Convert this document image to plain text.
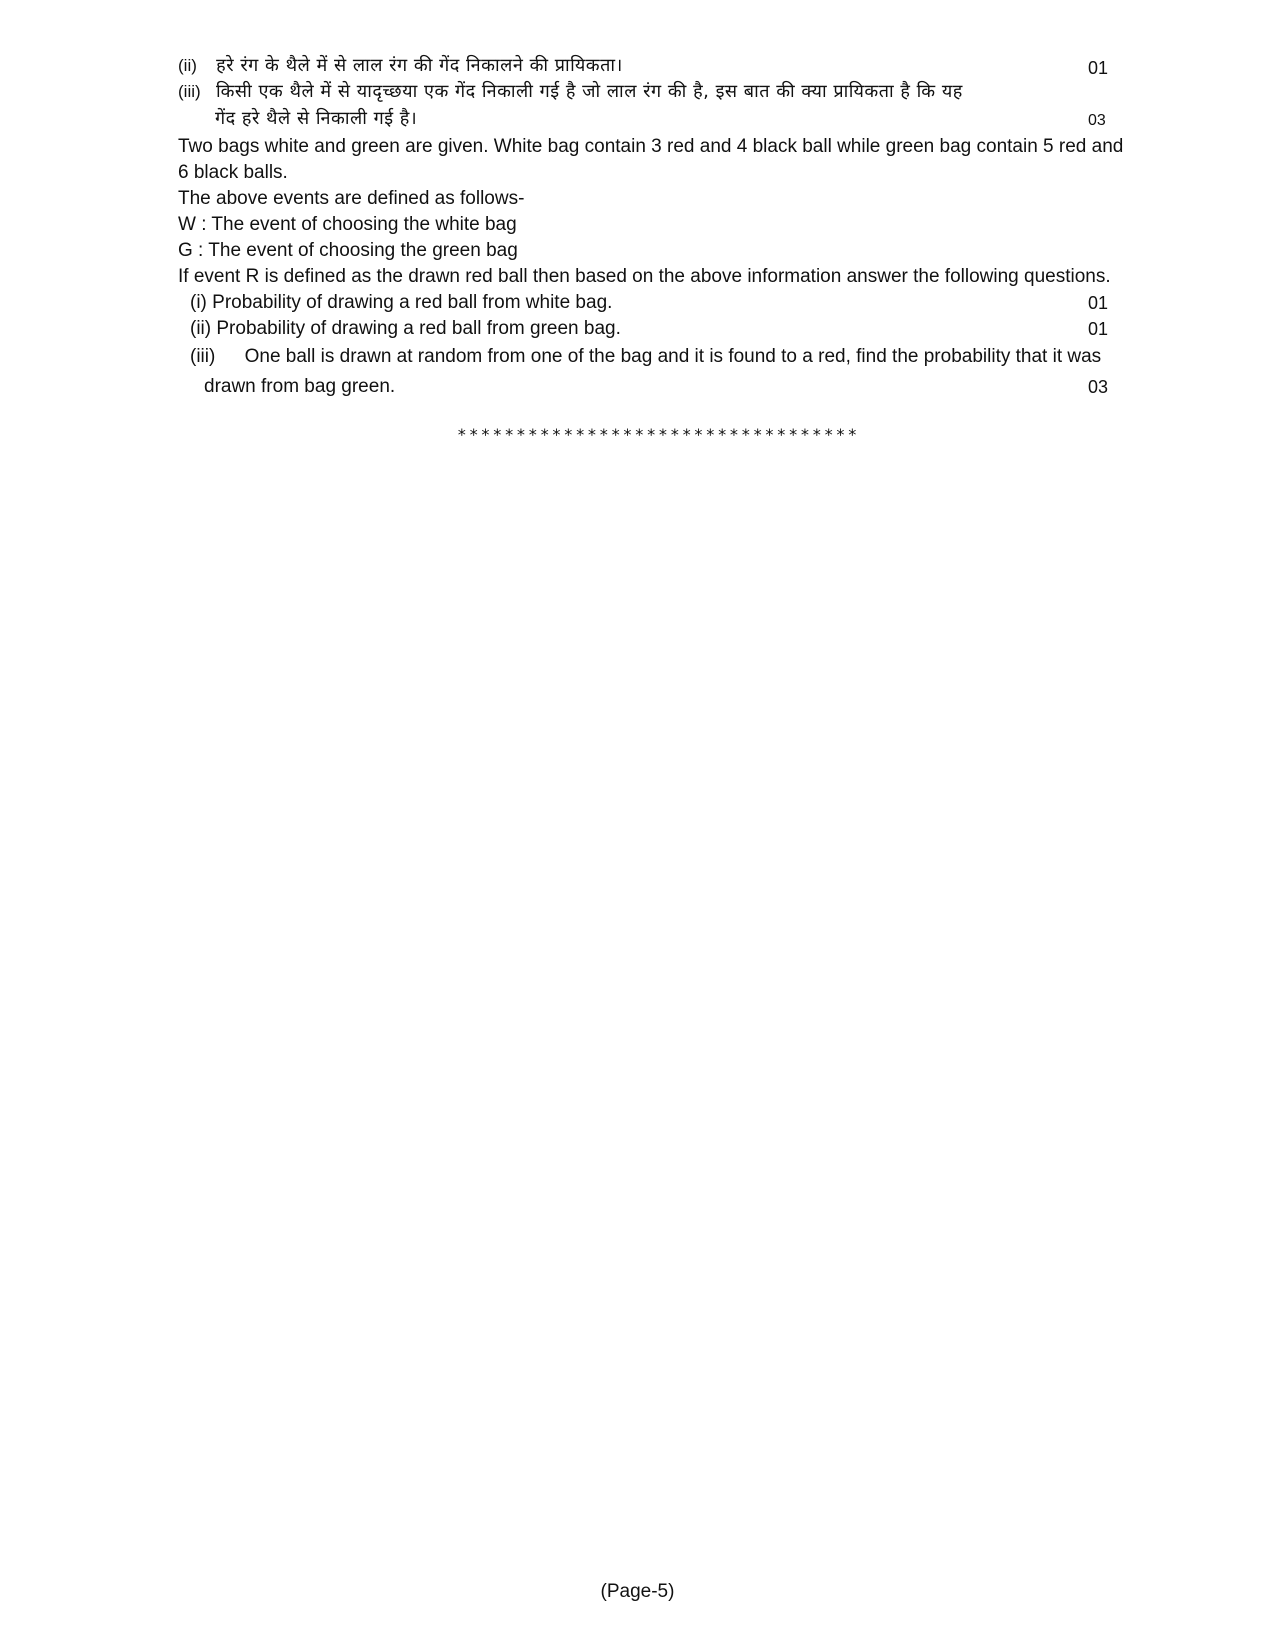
(ii) हरे रंग के थैले में से लाल रंग की गेंद निकालने की प्रायिकता।	01
(iii) किसी एक थैले में से यादृच्छया एक गेंद निकाली गई है जो लाल रंग की है, इस बात की क्या प्रायिकता है कि यह
गेंद हरे थैले से निकाली गई है।	03
Two bags white and green are given. White bag contain 3 red and 4 black ball while green bag contain 5 red and
6 black balls.
The above events are defined as follows-
W : The event of choosing the white bag
G : The event of choosing the green bag
If event R is defined as the drawn red ball then based on the above information answer the following questions.
(i) Probability of drawing a red ball from white bag.	01
(ii) Probability of drawing a red ball from green bag.	01
(iii) One ball is drawn at random from one of the bag and it is found to a red, find the probability that it was
drawn from bag green.	03
**********************************
(Page-5)
